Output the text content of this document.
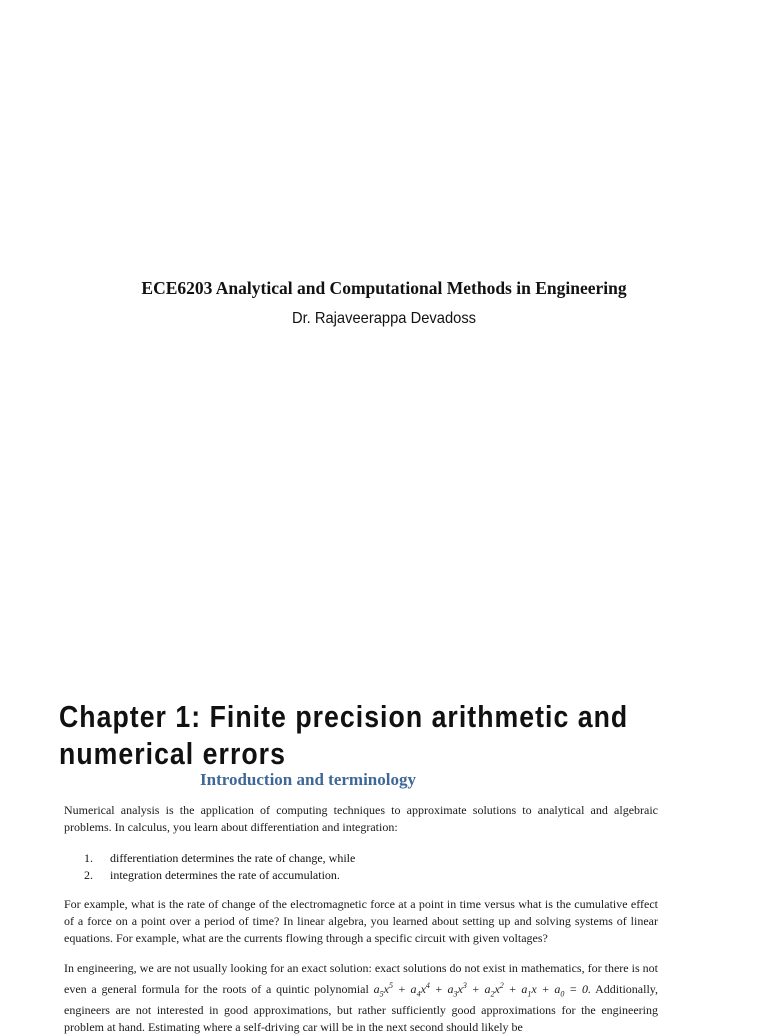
ECE6203 Analytical and Computational Methods in Engineering

Dr. Rajaveerappa Devadoss

Chapter 1: Finite precision arithmetic and numerical errors
Introduction and terminology

Numerical analysis is the application of computing techniques to approximate solutions to analytical and algebraic problems. In calculus, you learn about differentiation and integration:

1.	differentiation determines the rate of change, while
2.	integration determines the rate of accumulation.

For example, what is the rate of change of the electromagnetic force at a point in time versus what is the cumulative effect of a force on a point over a period of time? In linear algebra, you learned about setting up and solving systems of linear equations. For example, what are the currents flowing through a specific circuit with given voltages?

In engineering, we are not usually looking for an exact solution: exact solutions do not exist in mathematics, for there is not even a general formula for the roots of a quintic polynomial $a_5x^5 + a_4x^4 + a_3x^3 + a_2x^2 + a_1x + a_0 = 0$. Additionally, engineers are not interested in good approximations, but rather sufficiently good approximations for the engineering problem at hand. Estimating where a self-driving car will be in the next second should likely be
